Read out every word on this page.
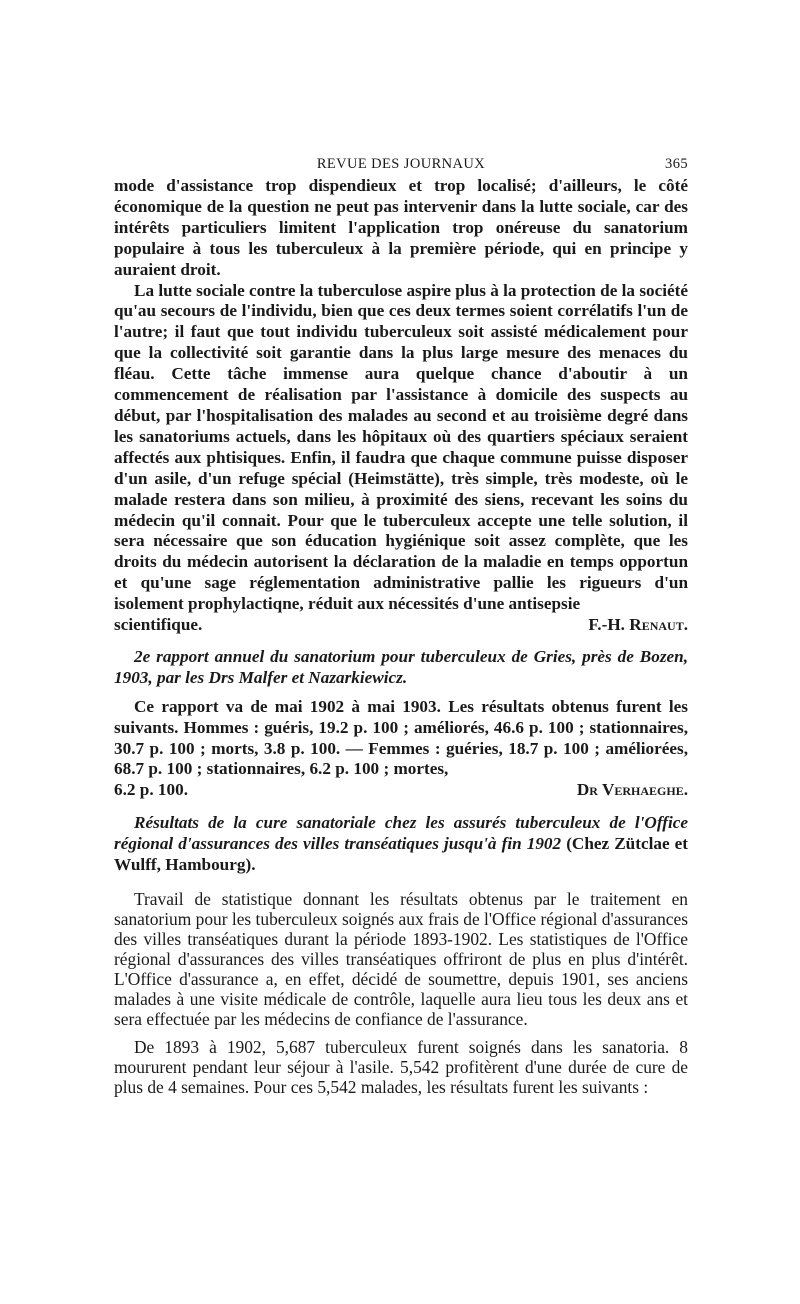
REVUE DES JOURNAUX	365

mode d'assistance trop dispendieux et trop localisé; d'ailleurs, le côté économique de la question ne peut pas intervenir dans la lutte sociale, car des intérêts particuliers limitent l'application trop onéreuse du sanatorium populaire à tous les tuberculeux à la première période, qui en principe y auraient droit.

La lutte sociale contre la tuberculose aspire plus à la protection de la société qu'au secours de l'individu, bien que ces deux termes soient corrélatifs l'un de l'autre; il faut que tout individu tuberculeux soit assisté médicalement pour que la collectivité soit garantie dans la plus large mesure des menaces du fléau. Cette tâche immense aura quelque chance d'aboutir à un commencement de réalisation par l'assistance à domicile des suspects au début, par l'hospitalisation des malades au second et au troisième degré dans les sanatoriums actuels, dans les hôpitaux où des quartiers spéciaux seraient affectés aux phtisiques. Enfin, il faudra que chaque commune puisse disposer d'un asile, d'un refuge spécial (Heimstätte), très simple, très modeste, où le malade restera dans son milieu, à proximité des siens, recevant les soins du médecin qu'il connait. Pour que le tuberculeux accepte une telle solution, il sera nécessaire que son éducation hygiénique soit assez complète, que les droits du médecin autorisent la déclaration de la maladie en temps opportun et qu'une sage réglementation administrative pallie les rigueurs d'un isolement prophylactiqne, réduit aux nécessités d'une antisepsie

scientifique.	F.-H. Renaut.

2e rapport annuel du sanatorium pour tuberculeux de Gries, près de Bozen, 1903, par les Drs Malfer et Nazarkiewicz.

Ce rapport va de mai 1902 à mai 1903. Les résultats obtenus furent les suivants. Hommes : guéris, 19.2 p. 100 ; améliorés, 46.6 p. 100 ; stationnaires, 30.7 p. 100 ; morts, 3.8 p. 100. — Femmes : guéries, 18.7 p. 100 ; améliorées, 68.7 p. 100 ; stationnaires, 6.2 p. 100 ; mortes,

6.2 p. 100.	Dr Verhaeghe.

Résultats de la cure sanatoriale chez les assurés tuberculeux de l'Office régional d'assurances des villes transéatiques jusqu'à fin 1902 (Chez Zütclae et Wulff, Hambourg).

Travail de statistique donnant les résultats obtenus par le traitement en sanatorium pour les tuberculeux soignés aux frais de l'Office régional d'assurances des villes transéatiques durant la période 1893-1902. Les statistiques de l'Office régional d'assurances des villes transéatiques offriront de plus en plus d'intérêt. L'Office d'assurance a, en effet, décidé de soumettre, depuis 1901, ses anciens malades à une visite médicale de contrôle, laquelle aura lieu tous les deux ans et sera effectuée par les médecins de confiance de l'assurance.

De 1893 à 1902, 5,687 tuberculeux furent soignés dans les sanatoria. 8 moururent pendant leur séjour à l'asile. 5,542 profitèrent d'une durée de cure de plus de 4 semaines. Pour ces 5,542 malades, les résultats furent les suivants :
